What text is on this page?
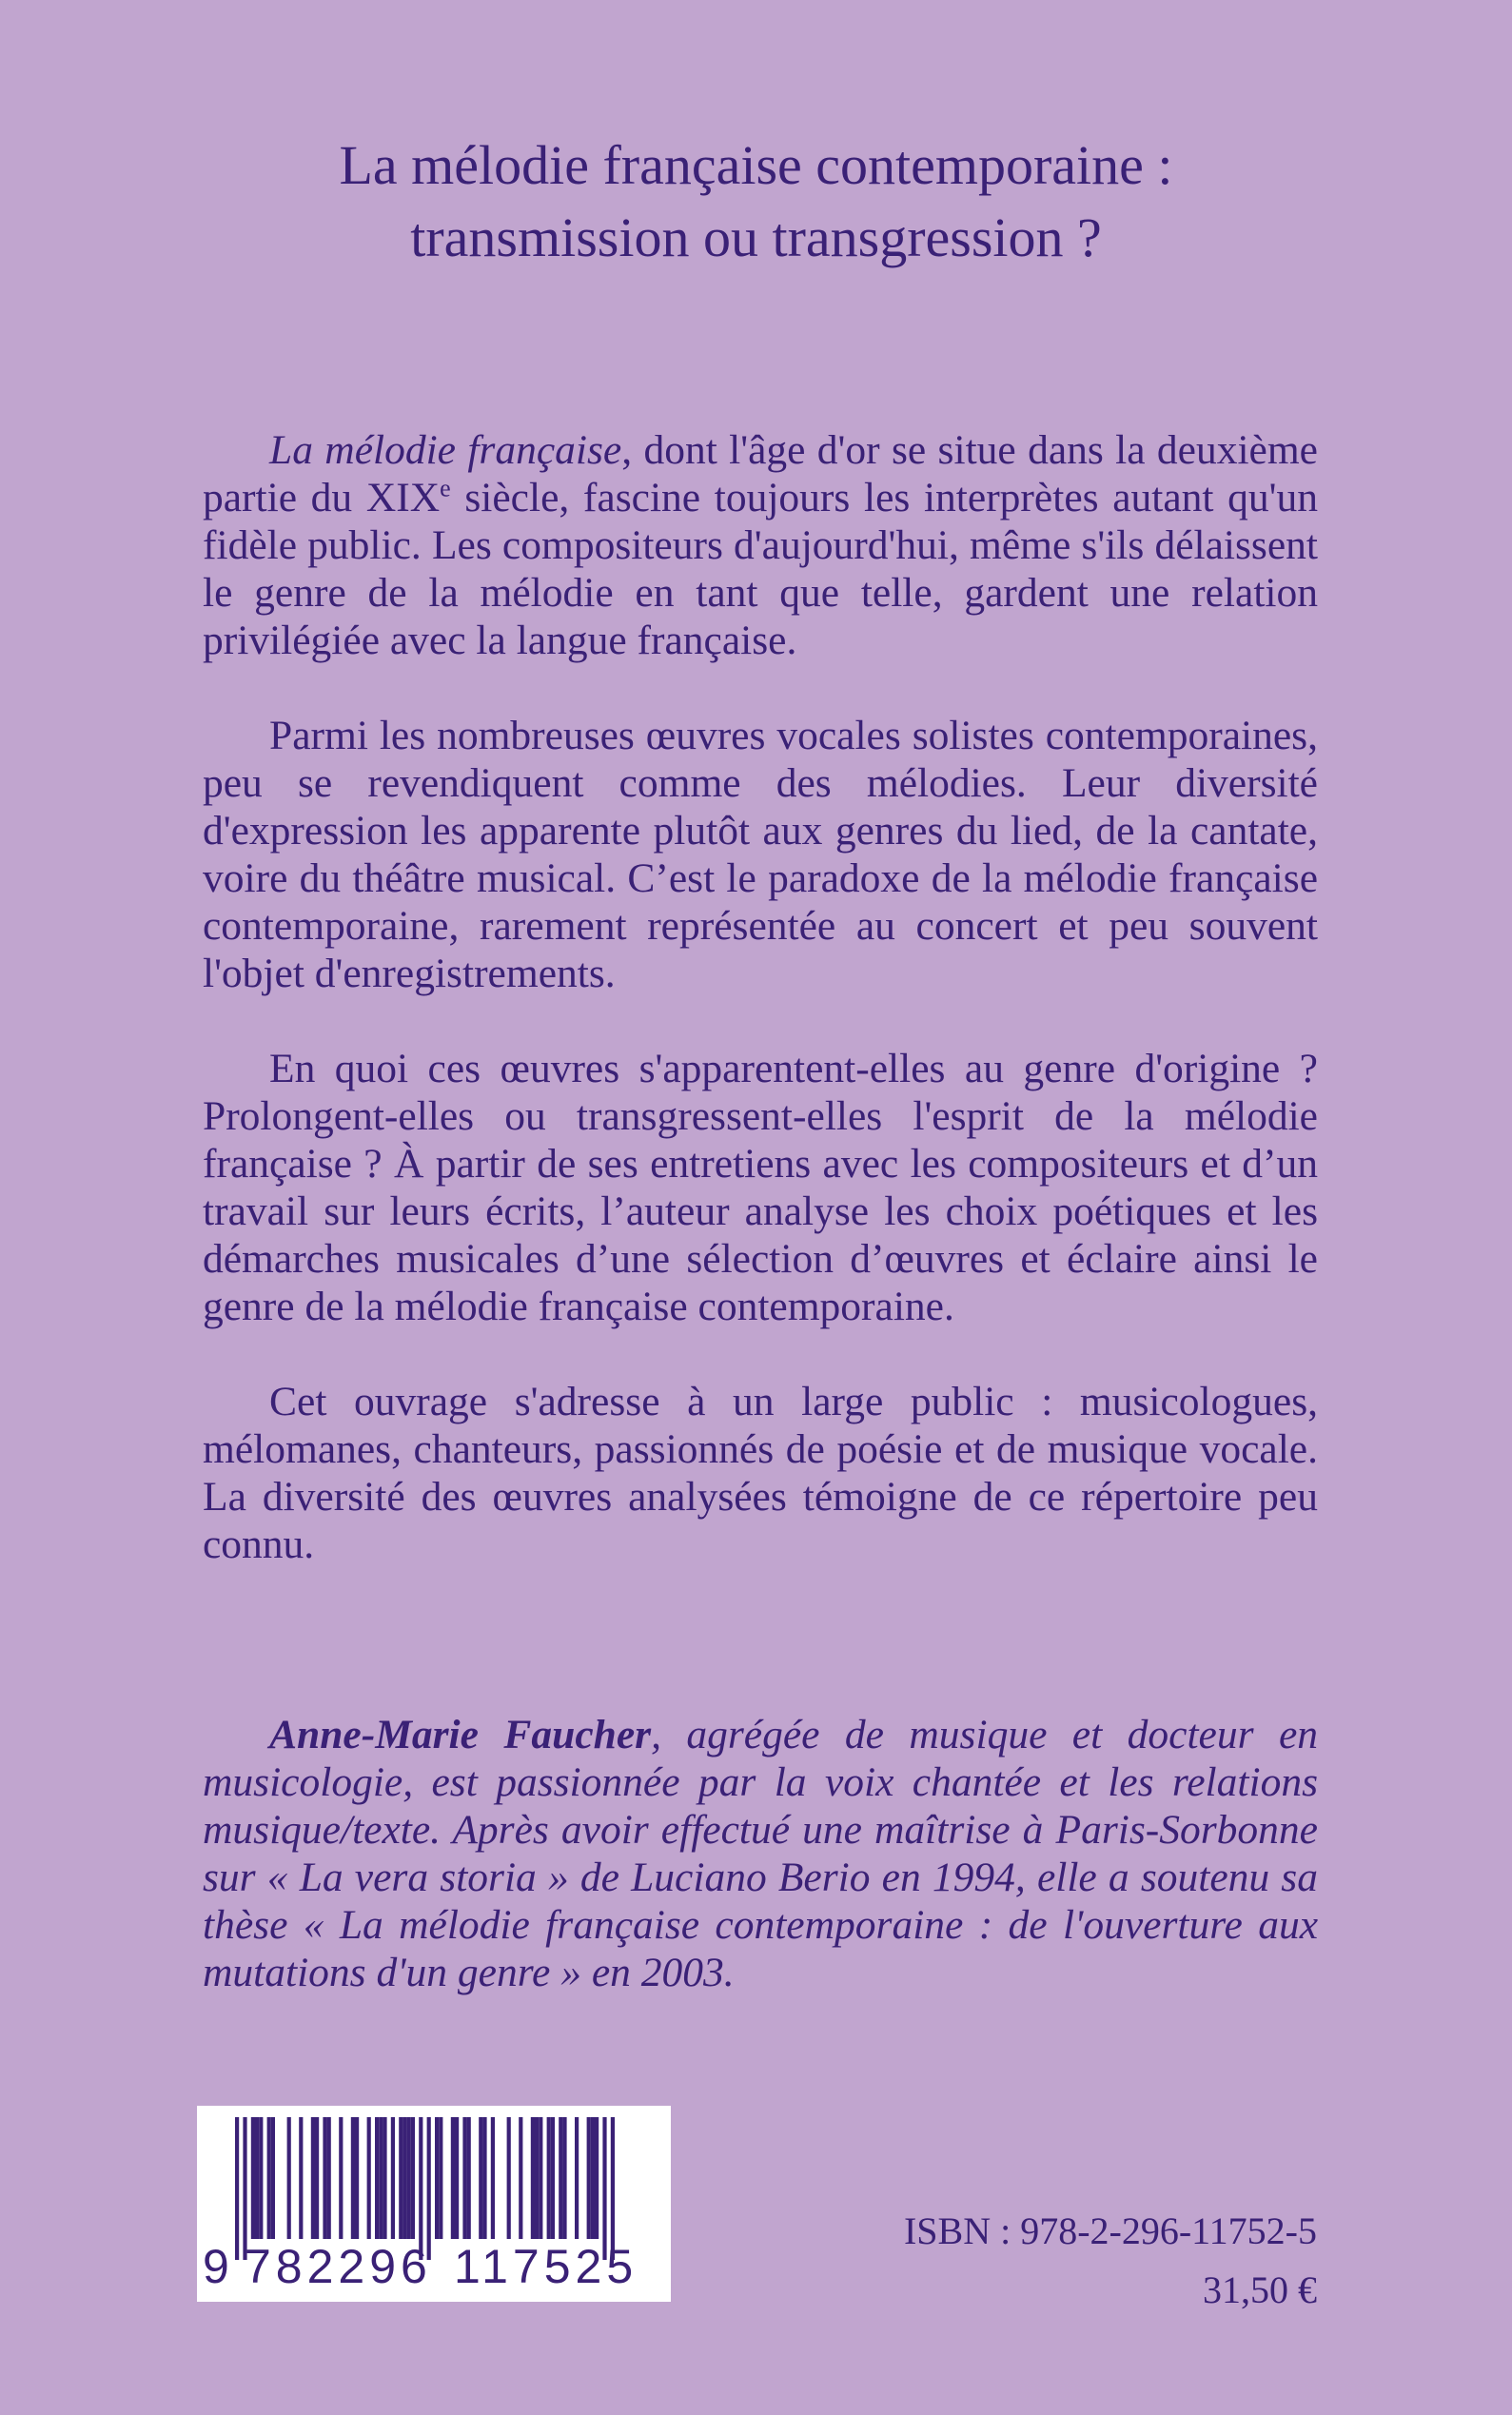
La mélodie française contemporaine :
transmission ou transgression ?

La mélodie française, dont l'âge d'or se situe dans la deuxième partie du XIXe siècle, fascine toujours les interprètes autant qu'un fidèle public. Les compositeurs d'aujourd'hui, même s'ils délaissent le genre de la mélodie en tant que telle, gardent une relation privilégiée avec la langue française.

Parmi les nombreuses œuvres vocales solistes contemporaines, peu se revendiquent comme des mélodies. Leur diversité d'expression les apparente plutôt aux genres du lied, de la cantate, voire du théâtre musical. C’est le paradoxe de la mélodie française contemporaine, rarement représentée au concert et peu souvent l'objet d'enregistrements.

En quoi ces œuvres s'apparentent-elles au genre d'origine ? Prolongent-elles ou transgressent-elles l'esprit de la mélodie française ? À partir de ses entretiens avec les compositeurs et d’un travail sur leurs écrits, l’auteur analyse les choix poétiques et les démarches musicales d’une sélection d’œuvres et éclaire ainsi le genre de la mélodie française contemporaine.

Cet ouvrage s'adresse à un large public : musicologues, mélomanes, chanteurs, passionnés de poésie et de musique vocale. La diversité des œuvres analysées témoigne de ce répertoire peu connu.

Anne-Marie Faucher, agrégée de musique et docteur en musicologie, est passionnée par la voix chantée et les relations musique/texte. Après avoir effectué une maîtrise à Paris-Sorbonne sur « La vera storia » de Luciano Berio en 1994, elle a soutenu sa thèse « La mélodie française contemporaine : de l'ouverture aux mutations d'un genre » en 2003.

9 782296 117525

ISBN : 978-2-296-11752-5

31,50 €
